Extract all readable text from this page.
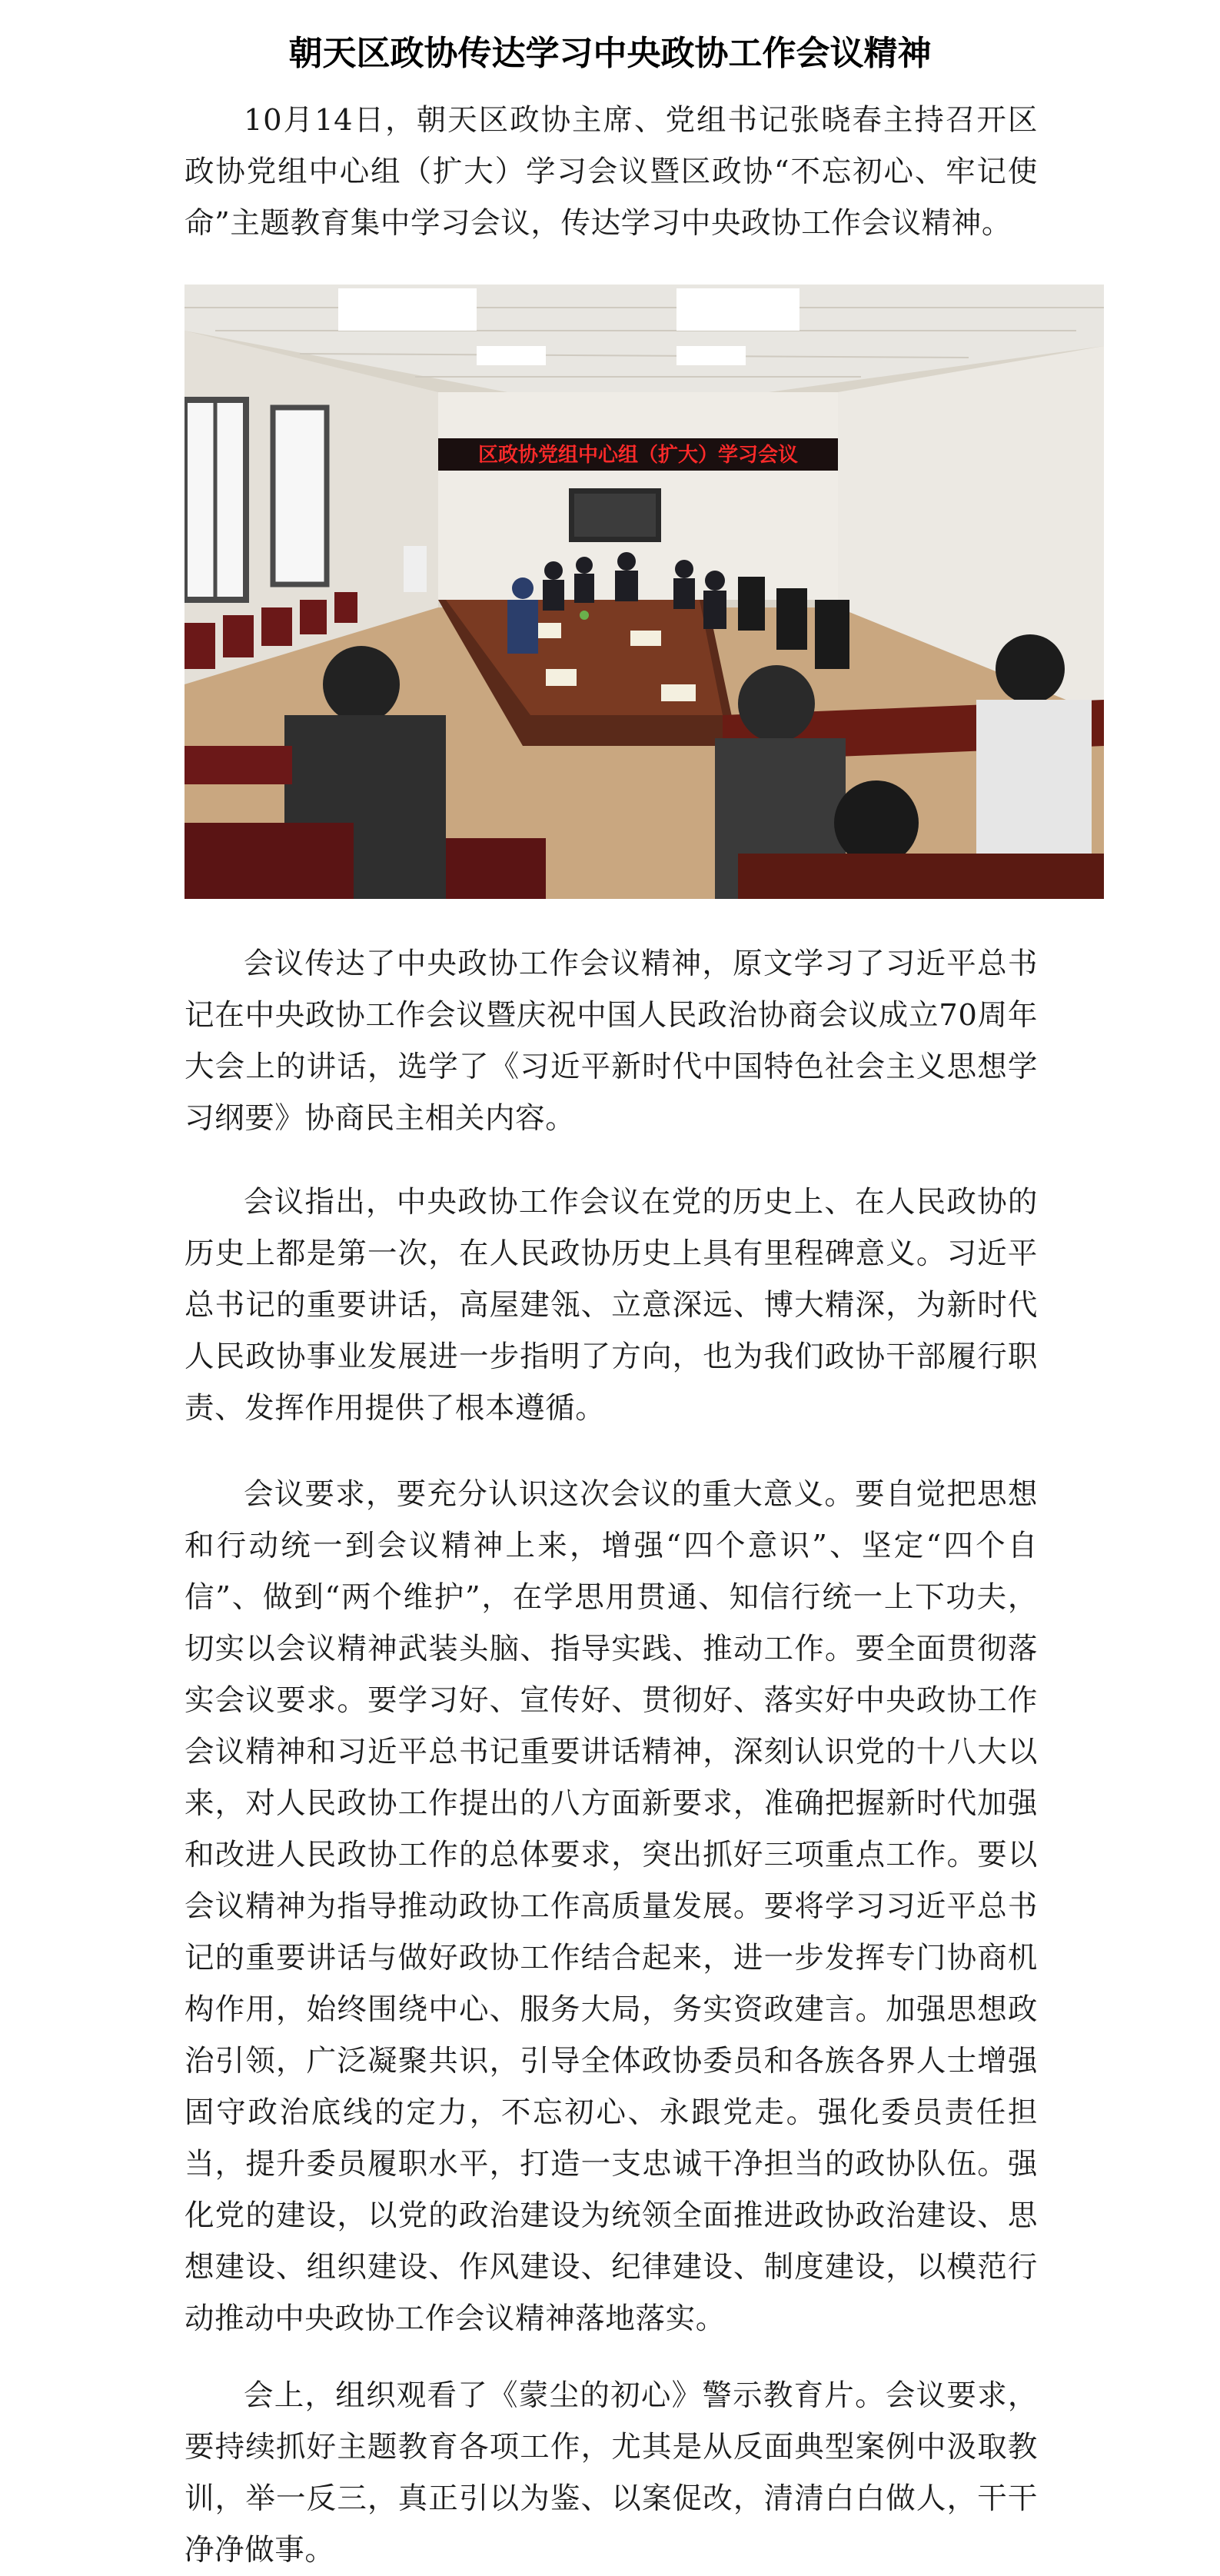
朝天区政协传达学习中央政协工作会议精神

10月14日，朝天区政协主席、党组书记张晓春主持召开区政协党组中心组（扩大）学习会议暨区政协“不忘初心、牢记使命”主题教育集中学习会议，传达学习中央政协工作会议精神。

区政协党组中心组（扩大）学习会议

会议传达了中央政协工作会议精神，原文学习了习近平总书记在中央政协工作会议暨庆祝中国人民政治协商会议成立70周年大会上的讲话，选学了《习近平新时代中国特色社会主义思想学习纲要》协商民主相关内容。

会议指出，中央政协工作会议在党的历史上、在人民政协的历史上都是第一次，在人民政协历史上具有里程碑意义。习近平总书记的重要讲话，高屋建瓴、立意深远、博大精深，为新时代人民政协事业发展进一步指明了方向，也为我们政协干部履行职责、发挥作用提供了根本遵循。

会议要求，要充分认识这次会议的重大意义。要自觉把思想和行动统一到会议精神上来，增强“四个意识”、坚定“四个自信”、做到“两个维护”，在学思用贯通、知信行统一上下功夫，切实以会议精神武装头脑、指导实践、推动工作。要全面贯彻落实会议要求。要学习好、宣传好、贯彻好、落实好中央政协工作会议精神和习近平总书记重要讲话精神，深刻认识党的十八大以来，对人民政协工作提出的八方面新要求，准确把握新时代加强和改进人民政协工作的总体要求，突出抓好三项重点工作。要以会议精神为指导推动政协工作高质量发展。要将学习习近平总书记的重要讲话与做好政协工作结合起来，进一步发挥专门协商机构作用，始终围绕中心、服务大局，务实资政建言。加强思想政治引领，广泛凝聚共识，引导全体政协委员和各族各界人士增强固守政治底线的定力，不忘初心、永跟党走。强化委员责任担当，提升委员履职水平，打造一支忠诚干净担当的政协队伍。强化党的建设，以党的政治建设为统领全面推进政协政治建设、思想建设、组织建设、作风建设、纪律建设、制度建设，以模范行动推动中央政协工作会议精神落地落实。

会上，组织观看了《蒙尘的初心》警示教育片。会议要求，要持续抓好主题教育各项工作，尤其是从反面典型案例中汲取教训，举一反三，真正引以为鉴、以案促改，清清白白做人，干干净净做事。
